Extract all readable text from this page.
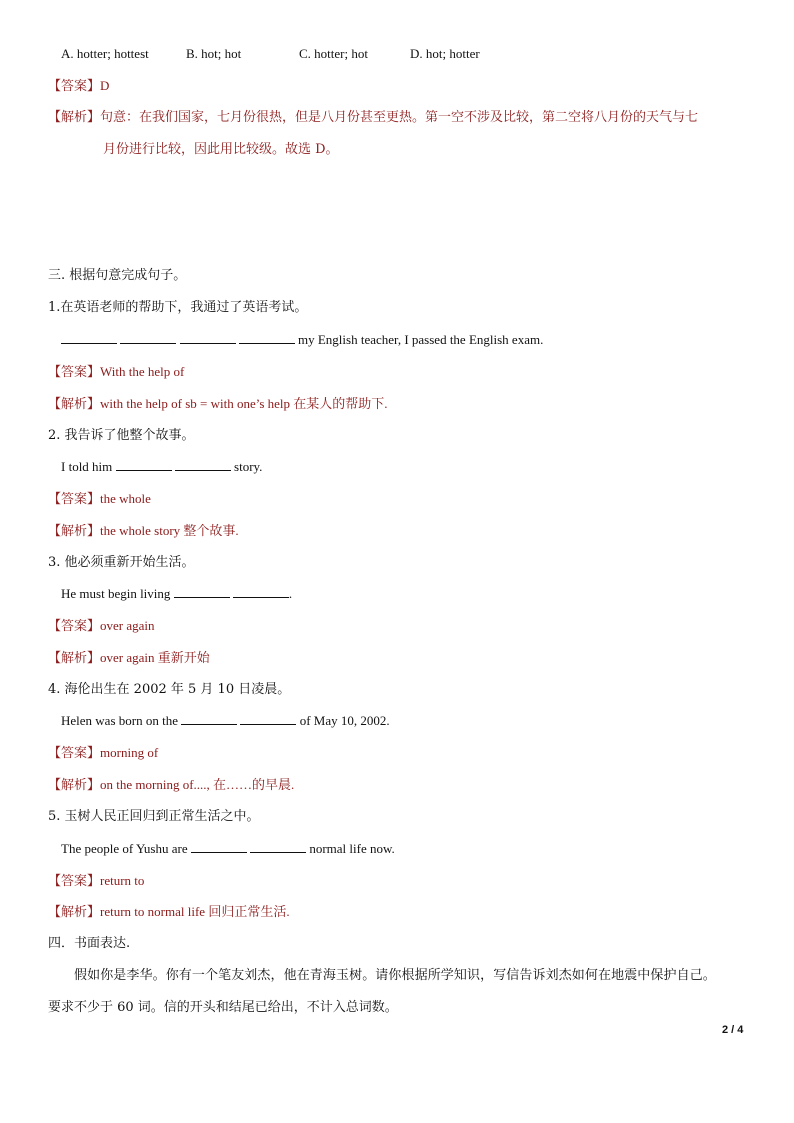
A. hotter; hottest	B. hot; hot	C. hotter; hot	D. hot; hotter
【答案】D
【解析】句意：在我们国家，七月份很热，但是八月份甚至更热。第一空不涉及比较，第二空将八月份的天气与七
月份进行比较，因此用比较级。故选 D。
三. 根据句意完成句子。
1.在英语老师的帮助下，我通过了英语考试。
my English teacher, I passed the English exam.
【答案】With the help of
【解析】with the help of sb = with one’s help 在某人的帮助下.
2. 我告诉了他整个故事。
I told him	story.
【答案】the whole
【解析】the whole story 整个故事.
3. 他必须重新开始生活。
He must begin living	.
【答案】over again
【解析】over again 重新开始
4. 海伦出生在 2002 年 5 月 10 日凌晨。
Helen was born on the	of May 10, 2002.
【答案】morning of
【解析】on the morning of...., 在……的早晨.
5. 玉树人民正回归到正常生活之中。
The people of Yushu are	normal life now.
【答案】return to
【解析】return to normal life 回归正常生活.
四．书面表达.
假如你是李华。你有一个笔友刘杰，他在青海玉树。请你根据所学知识，写信告诉刘杰如何在地震中保护自己。
要求不少于 60 词。信的开头和结尾已给出，不计入总词数。
2 / 4
